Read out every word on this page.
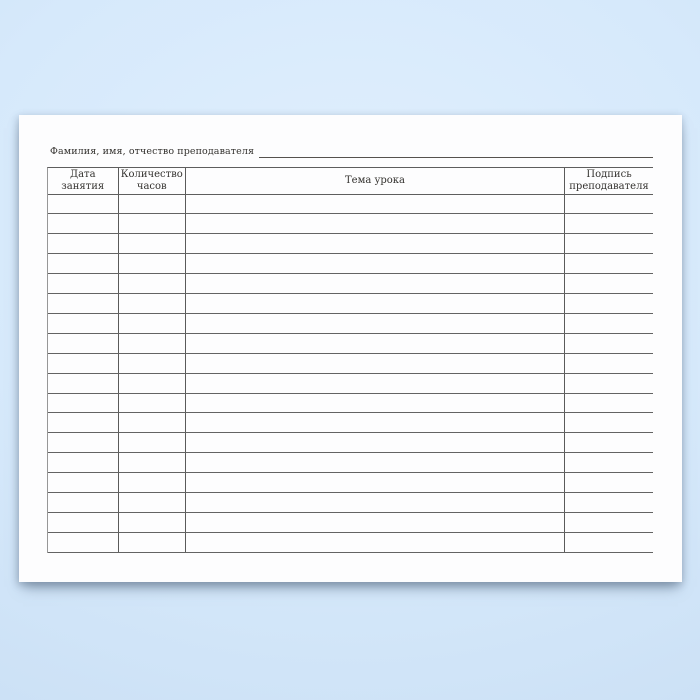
Фамилия, имя, отчество преподавателя
Дата
занятия
Количество
часов
Тема урока
Подпись
преподавателя
